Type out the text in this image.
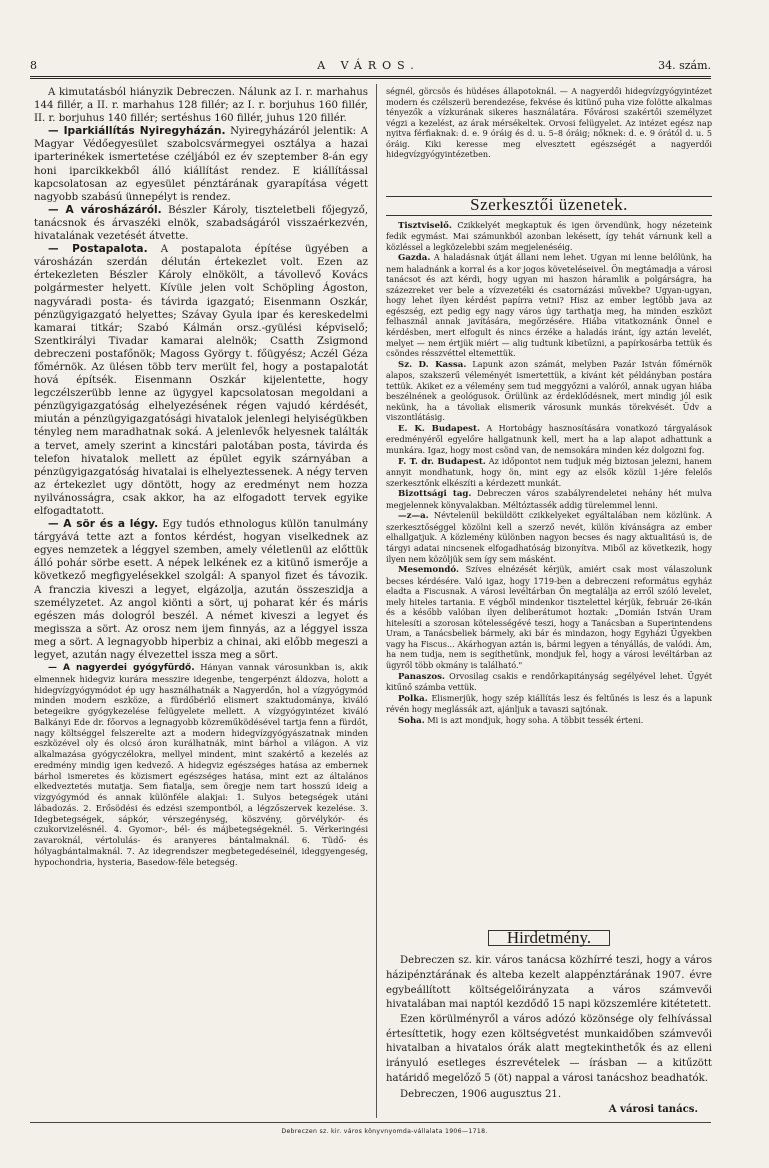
8	A VÁROS.	34. szám.

A kimutatásból hiányzik Debreczen. Nálunk az I. r. marhahus 144 fillér, a II. r. marhahus 128 fillér; az I. r. borjuhus 160 fillér, II. r. borjuhus 140 fillér; sertéshus 160 fillér, juhus 120 fillér.

— Iparkiállítás Nyiregyházán. Nyiregyházáról jelentik: A Magyar Védőegyesület szabolcsvármegyei osztálya a hazai iparterinékek ismertetése czéljából ez év szeptember 8-án egy honi iparcikkekből álló kiállítást rendez. E kiállítással kapcsolatosan az egyesület pénztárának gyarapítása végett nagyobb szabású ünnepélyt is rendez.

— A városházáról. Bészler Károly, tiszteletbeli főjegyző, tanácsnok és árvaszéki elnök, szabadságáról visszaérkezvén, hivatalának vezetését átvette.

— Postapalota. A postapalota építése ügyében a városházán szerdán délután értekezlet volt. Ezen az értekezleten Bészler Károly elnökölt, a távollevő Kovács polgármester helyett. Kívüle jelen volt Schöpling Ágoston, nagyváradi posta- és távirda igazgató; Eisenmann Oszkár, pénzügyigazgató helyettes; Szávay Gyula ipar és kereskedelmi kamarai titkár; Szabó Kálmán orsz.-gyülési képviselő; Szentkirályi Tivadar kamarai alelnök; Csatth Zsigmond debreczeni postafőnök; Magoss György t. főügyész; Aczél Géza főmérnök. Az ülésen több terv merült fel, hogy a postapalotát hová építsék. Eisenmann Oszkár kijelentette, hogy legczélszerübb lenne az ügygyel kapcsolatosan megoldani a pénzügyigazgatóság elhelyezésének régen vajudó kérdését, miután a pénzügyigazgatósági hivatalok jelenlegi helyiségükben tényleg nem maradhatnak soká. A jelenlevők helyesnek találták a tervet, amely szerint a kincstári palotában posta, távirda és telefon hivatalok mellett az épület egyik szárnyában a pénzügyigazgatóság hivatalai is elhelyeztessenek. A négy terven az értekezlet ugy döntött, hogy az eredményt nem hozza nyilvánosságra, csak akkor, ha az elfogadott tervek egyike elfogadtatott.

— A sör és a légy. Egy tudós ethnologus külön tanulmány tárgyává tette azt a fontos kérdést, hogyan viselkednek az egyes nemzetek a léggyel szemben, amely véletlenül az előttük álló pohár sörbe esett. A népek lelkének ez a kitünő ismerője a következő megfigyelésekkel szolgál: A spanyol fizet és távozik. A franczia kiveszi a legyet, elgázolja, azután összeszidja a személyzetet. Az angol kiönti a sört, uj poharat kér és máris egészen más dologról beszél. A német kiveszi a legyet és megissza a sört. Az orosz nem ijem finnyás, az a léggyel issza meg a sört. A legnagyobb hiperbiz a chinai, aki előbb megeszi a legyet, azután nagy élvezettel issza meg a sört.

— A nagyerdei gyógyfürdő. Hányan vannak városunkban is, akik elmennek hidegviz kurára messzire idegenbe, tengerpénzt áldozva, holott a hidegvízgyógymódot ép ugy használhatnák a Nagyerdőn, hol a vízgyógymód minden modern eszköze, a fürdőbérlő elismert szaktudománya, kiváló betegeikre gyógykezelése felügyelete mellett. A vízgyógyintézet kiváló Balkányi Ede dr. főorvos a legnagyobb közreműködésével tartja fenn a fürdőt, nagy költséggel felszerelte azt a modern hidegvízgyógyászatnak minden eszközével oly és olcsó áron kurálhatnák, mint bárhol a világon. A viz alkalmazása gyógyczélokra, mellyel mindent, mint szakértő a kezelés az eredmény mindig igen kedvező. A hidegviz egészséges hatása az embernek bárhol ismeretes és közismert egészséges hatása, mint ezt az általános elkedveztetés mutatja. Sem fiatalja, sem öregje nem tart hosszú ideig a vízgyógymód és annak különféle alakjai: 1. Sulyos betegségek utáni lábadozás. 2. Erősödési és edzési szempontból, a légzőszervek kezelése. 3. Idegbetegségek, sápkór, vérszegénység, köszvény, görvélykór- és czukorvizelésnél. 4. Gyomor-, bél- és májbetegségeknél. 5. Vérkeringési zavaroknál, vértolulás- és aranyeres bántalmaknál. 6. Tüdő- és hólyagbántalmaknál. 7. Az idegrendszer megbetegedéseinél, ideggyengeség, hypochondria, hysteria, Basedow-féle betegség.

ségnél, görcsös és hüdéses állapotoknál. — A nagyerdői hidegvízgyógyintézet modern és czélszerü berendezése, fekvése és kitünő puha vize folötte alkalmas tényezők a vízkurának sikeres használatára. Fővárosi szakértői személyzet végzi a kezelést, az árak mérsékeltek. Orvosi felügyelet. Az intézet egész nap nyitva férfiaknak: d. e. 9 óráig és d. u. 5–8 óráig; nőknek: d. e. 9 órától d. u. 5 óráig. Kiki keresse meg elvesztett egészségét a nagyerdői hidegvízgyógyintézetben.

Szerkesztői üzenetek.

Tisztviselő. Czikkelyét megkaptuk és igen örvendünk, hogy nézeteink fedik egymást. Mai számunkból azonban lekésett, így tehát várnunk kell a közléssel a legközelebbi szám megjelenéséig.

Gazda. A haladásnak útját állani nem lehet. Ugyan mi lenne belőlünk, ha nem haladnánk a korral és a kor jogos követeléseivel. Ön megtámadja a városi tanácsot és azt kérdi, hogy ugyan mi haszon háramlik a polgárságra, ha százezreket ver bele a vízvezetéki és csatornázási művekbe? Ugyan-ugyan, hogy lehet ilyen kérdést papírra vetni? Hisz az ember legtöbb java az egészség, ezt pedig egy nagy város úgy tarthatja meg, ha minden eszközt felhasznál annak javítására, megőrzésére. Hiába vitatkoznánk Önnel e kérdésben, mert elfogult és nincs érzéke a haladás iránt, így aztán levelét, melyet — nem értjük miért — alig tudtunk kibetűzni, a papírkosárba tettük és csöndes résszvéttel eltemettük.

Sz. D. Kassa. Lapunk azon számát, melyben Pazár István főmérnök alapos, szakszerű véleményét ismertettük, a kívánt két példányban postára tettük. Akiket ez a vélemény sem tud meggyőzni a valóról, annak ugyan hiába beszélnének a geológusok. Örülünk az érdeklődésnek, mert mindig jól esik nekünk, ha a távoliak elismerik városunk munkás törekvését. Üdv a viszontlátásig.

E. K. Budapest. A Hortobágy hasznosítására vonatkozó tárgyalások eredményéről egyelőre hallgatnunk kell, mert ha a lap alapot adhattunk a munkára. Igaz, hogy most csönd van, de nemsokára minden kéz dolgozni fog.

F. T. dr. Budapest. Az időpontot nem tudjuk még biztosan jelezni, hanem annyit mondhatunk, hogy ön, mint egy az elsők közül 1-jére felelős szerkesztőnk elkészíti a kérdezett munkát.

Bizottsági tag. Debreczen város szabályrendeletei nehány hét mulva megjelennek könyvalakban. Méltóztassék addig türelemmel lenni.

—z—a. Névtelenül beküldött czikkelyeket egyáltalában nem közlünk. A szerkesztőséggel közölni kell a szerző nevét, külön kívánságra az ember elhallgatjuk. A közlemény különben nagyon becses és nagy aktualitású is, de tárgyi adatai nincsenek elfogadhatóság bizonyítva. Miből az következik, hogy ilyen nem közöljük sem így sem másként.

Mesemondó. Szíves elnézését kérjük, amiért csak most válaszolunk becses kérdésére. Való igaz, hogy 1719-ben a debreczeni református egyház eladta a Fiscusnak. A városi levéltárban Ön megtalálja az erről szóló levelet, mely hiteles tartania. E végből mindenkor tisztelettel kérjük, február 26-ikán és a később valóban ilyen deliberátumot hoztak: „Domián István Uram hitelesíti a szorosan kötelességévé teszi, hogy a Tanácsban a Superintendens Uram, a Tanácsbeliek bármely, aki bár és mindazon, hogy Egyházi Ügyekben vagy ha Fiscus... Akárhogyan aztán is, bármi legyen a tényállás, de valódi. Ám, ha nem tudja, nem is segíthetünk, mondjuk fel, hogy a városi levéltárban az ügyről több okmány is található."

Panaszos. Orvosilag csakis e rendőrkapitányság segélyével lehet. Ügyét kitűnő számba vettük.

Polka. Elismerjük, hogy szép kiállítás lesz és feltűnés is lesz és a lapunk révén hogy meglássák azt, ajánljuk a tavaszi sajtónak.

Soha. Mi is azt mondjuk, hogy soha. A többit tessék érteni.

Hirdetmény.

Debreczen sz. kir. város tanácsa közhírré teszi, hogy a város házipénztárának és alteba kezelt alappénztárának 1907. évre egybeállított költségelőirányzata a város számvevői hivatalában mai naptól kezdődő 15 napi közszemlére kitétetett.

Ezen körülményről a város adózó közönsége oly felhívással értesíttetik, hogy ezen költségvetést munkaidőben számvevői hivatalban a hivatalos órák alatt megtekinthetők és az elleni irányuló esetleges észrevételek — írásban — a kitűzött határidő megelőző 5 (öt) nappal a városi tanácshoz beadhatók.

Debreczen, 1906 augusztus 21.

A városi tanács.

Debreczen sz. kir. város könyvnyomda-vállalata 1906—1718.
